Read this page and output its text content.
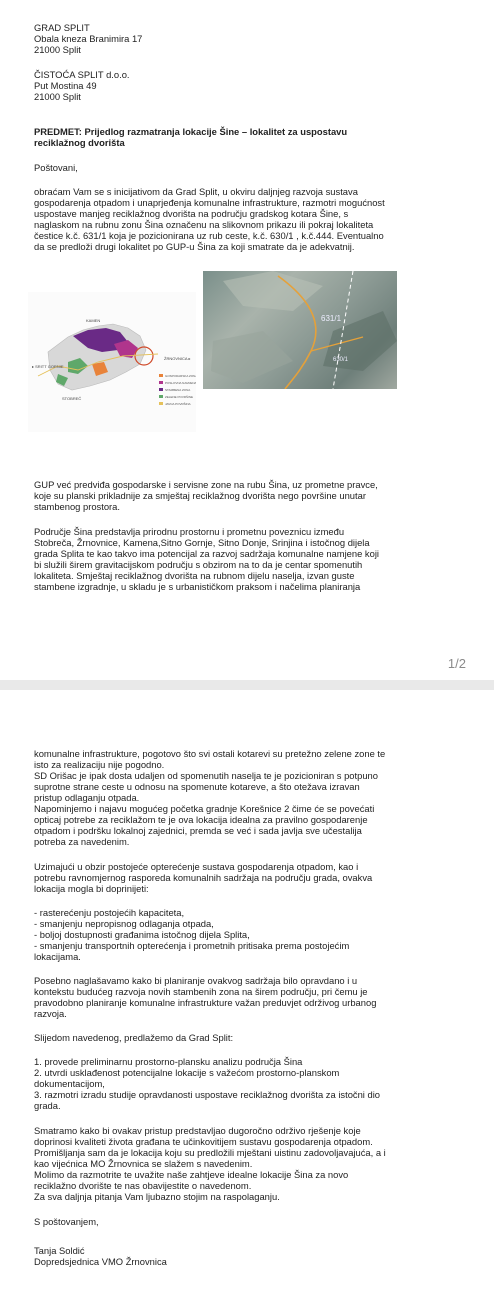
GRAD SPLIT
Obala kneza Branimira 17
21000 Split
ČISTOĆA SPLIT d.o.o.
Put Mostina 49
21000 Split
PREDMET: Prijedlog razmatranja lokacije Šine – lokalitet za uspostavu
reciklažnog dvorišta
Poštovani,
obraćam Vam se s inicijativom da Grad Split, u okviru daljnjeg razvoja sustava
gospodarenja otpadom i unaprjeđenja komunalne infrastrukture, razmotri mogućnost
uspostave manjeg reciklažnog dvorišta na području gradskog kotara Šine, s
naglaskom na rubnu zonu Šina označenu na slikovnom prikazu ili pokraj lokaliteta
čestice k.č. 631/1 koja je pozicionirana uz rub ceste, k.č. 630/1 , k.č.444. Eventualno
da se predloži drugi lokalitet po GUP-u Šina za koji smatrate da je adekvatnij.
KAMEN
▸ SRITT GORNIE
STOBREČ
ŽRNOVNICA ▸
GOSPODARSKA ZONA
POSLOVNA NAMJENA
STAMBENA ZONA
ZELENE POVRŠINE
JAVNA POVRŠINA
631/1
630/1
GUP već predviđa gospodarske i servisne zone na rubu Šina, uz prometne pravce,
koje su planski prikladnije za smještaj reciklažnog dvorišta nego površine unutar
stambenog prostora.
Područje Šina predstavlja prirodnu prostornu i prometnu poveznicu između
Stobreča, Žrnovnice, Kamena,Sitno Gornje, Sitno Donje, Srinjina i istočnog dijela
grada Splita te kao takvo ima potencijal za razvoj sadržaja komunalne namjene koji
bi služili širem gravitacijskom području s obzirom na to da je centar spomenutih
lokaliteta. Smještaj reciklažnog dvorišta na rubnom dijelu naselja, izvan guste
stambene izgradnje, u skladu je s urbanističkom praksom i načelima planiranja
1/2
komunalne infrastrukture, pogotovo što svi ostali kotarevi su pretežno zelene zone te
isto za realizaciju nije pogodno.
SD Orišac je ipak dosta udaljen od spomenutih naselja te je pozicioniran s potpuno
suprotne strane ceste u odnosu na spomenute kotareve, a što otežava izravan
pristup odlaganju otpada.
Napominjemo i najavu mogućeg početka gradnje Korešnice 2 čime će se povećati
opticaj potrebe za reciklažom te je ova lokacija idealna za pravilno gospodarenje
otpadom i podršku lokalnoj zajednici, premda se već i sada javlja sve učestalija
potreba za navedenim.
Uzimajući u obzir postojeće opterećenje sustava gospodarenja otpadom, kao i
potrebu ravnomjernog rasporeda komunalnih sadržaja na području grada, ovakva
lokacija mogla bi doprinijeti:
- rasterećenju postojećih kapaciteta,
- smanjenju nepropisnog odlaganja otpada,
- boljoj dostupnosti građanima istočnog dijela Splita,
- smanjenju transportnih opterećenja i prometnih pritisaka prema postojećim
lokacijama.
Posebno naglašavamo kako bi planiranje ovakvog sadržaja bilo opravdano i u
kontekstu budućeg razvoja novih stambenih zona na širem području, pri čemu je
pravodobno planiranje komunalne infrastrukture važan preduvjet održivog urbanog
razvoja.
Slijedom navedenog, predlažemo da Grad Split:
1. provede preliminarnu prostorno-plansku analizu područja Šina
2. utvrdi usklađenost potencijalne lokacije s važećom prostorno-planskom
dokumentacijom,
3. razmotri izradu studije opravdanosti uspostave reciklažnog dvorišta za istočni dio
grada.
Smatramo kako bi ovakav pristup predstavljao dugoročno održivo rješenje koje
doprinosi kvaliteti života građana te učinkovitijem sustavu gospodarenja otpadom.
Promišljanja sam da je lokacija koju su predložili mještani uistinu zadovoljavajuća, a i
kao vijećnica MO Žrnovnica se slažem s navedenim.
Molimo da razmotrite te uvažite naše zahtjeve idealne lokacije Šina za novo
reciklažno dvorište te nas obavijestite o navedenom.
Za sva daljnja pitanja Vam ljubazno stojim na raspolaganju.
S poštovanjem,
Tanja Soldić
Dopredsjednica VMO Žrnovnica
